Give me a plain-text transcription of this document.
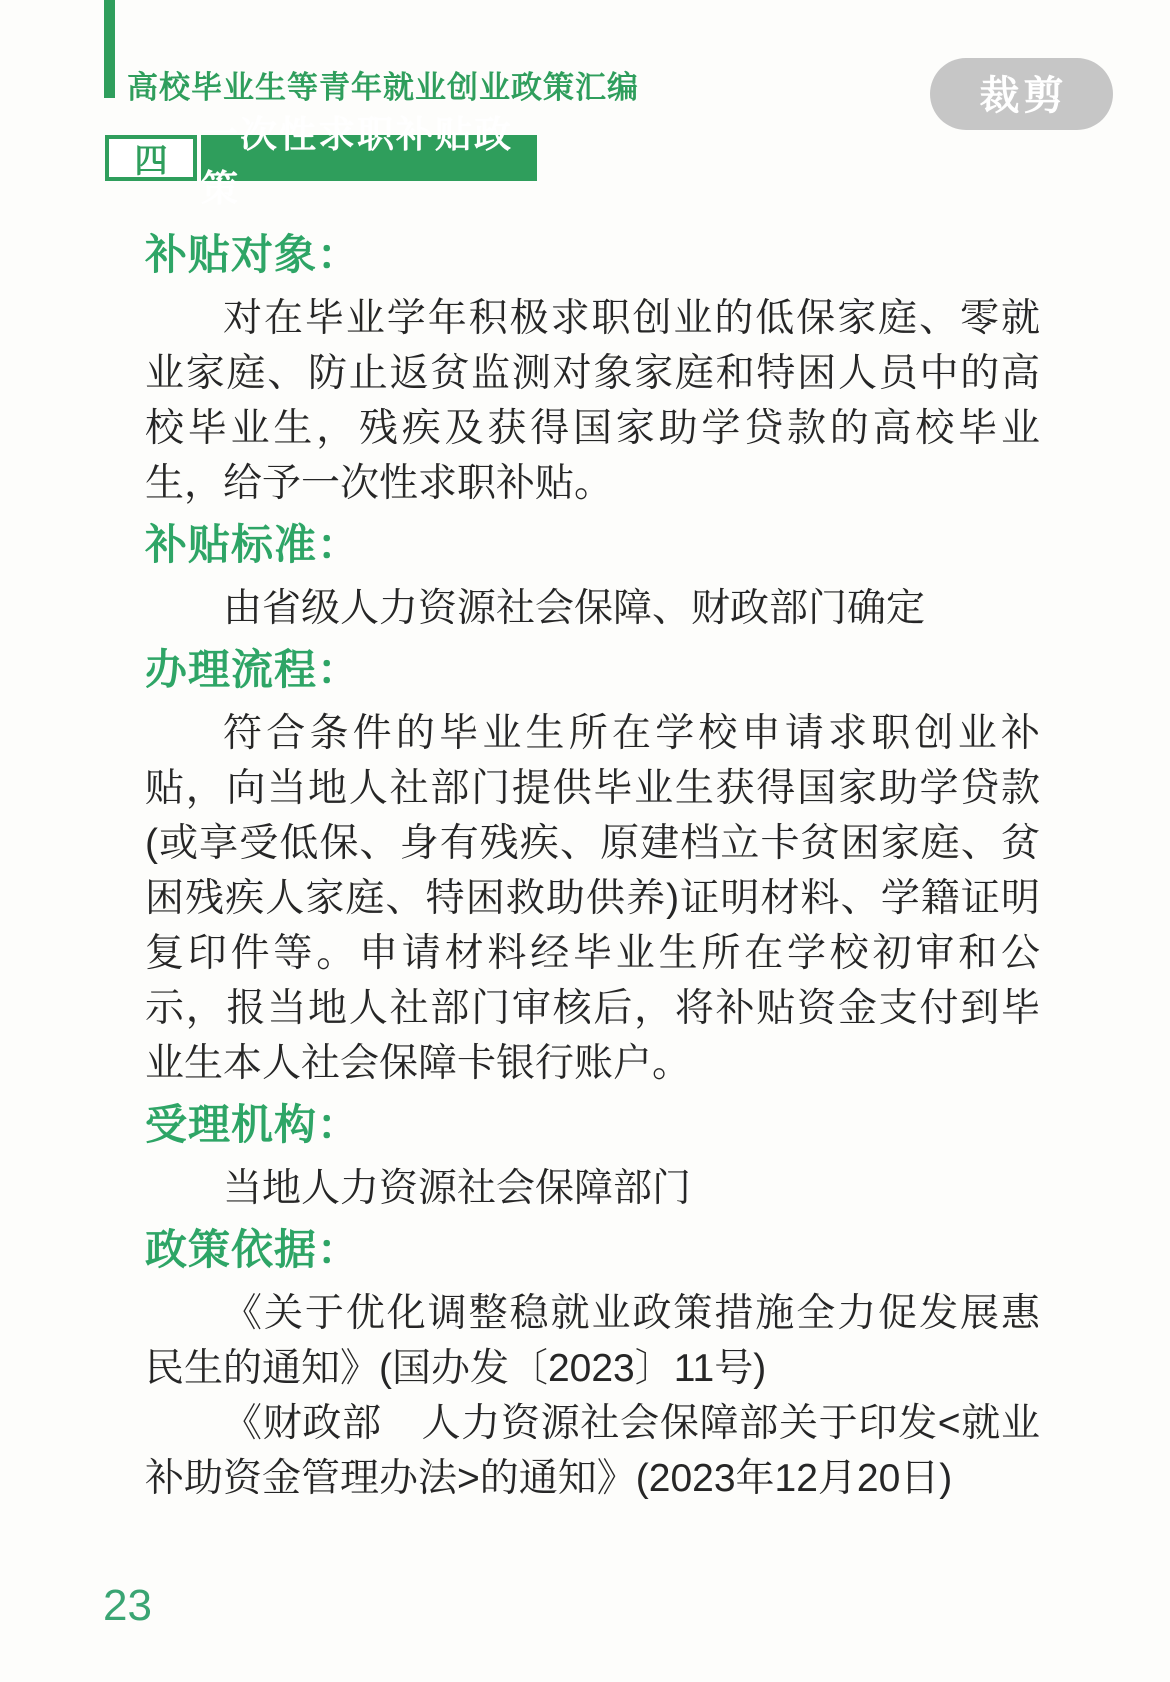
高校毕业生等青年就业创业政策汇编	裁剪
四
一次性求职补贴政策
补贴对象：

对在毕业学年积极求职创业的低保家庭、零就业家庭、防止返贫监测对象家庭和特困人员中的高校毕业生，残疾及获得国家助学贷款的高校毕业生，给予一次性求职补贴。

补贴标准：

由省级人力资源社会保障、财政部门确定

办理流程：

符合条件的毕业生所在学校申请求职创业补贴，向当地人社部门提供毕业生获得国家助学贷款(或享受低保、身有残疾、原建档立卡贫困家庭、贫困残疾人家庭、特困救助供养)证明材料、学籍证明复印件等。申请材料经毕业生所在学校初审和公示，报当地人社部门审核后，将补贴资金支付到毕业生本人社会保障卡银行账户。

受理机构：

当地人力资源社会保障部门

政策依据：

《关于优化调整稳就业政策措施全力促发展惠民生的通知》(国办发〔2023〕11号)

《财政部　人力资源社会保障部关于印发<就业补助资金管理办法>的通知》(2023年12月20日)

23
